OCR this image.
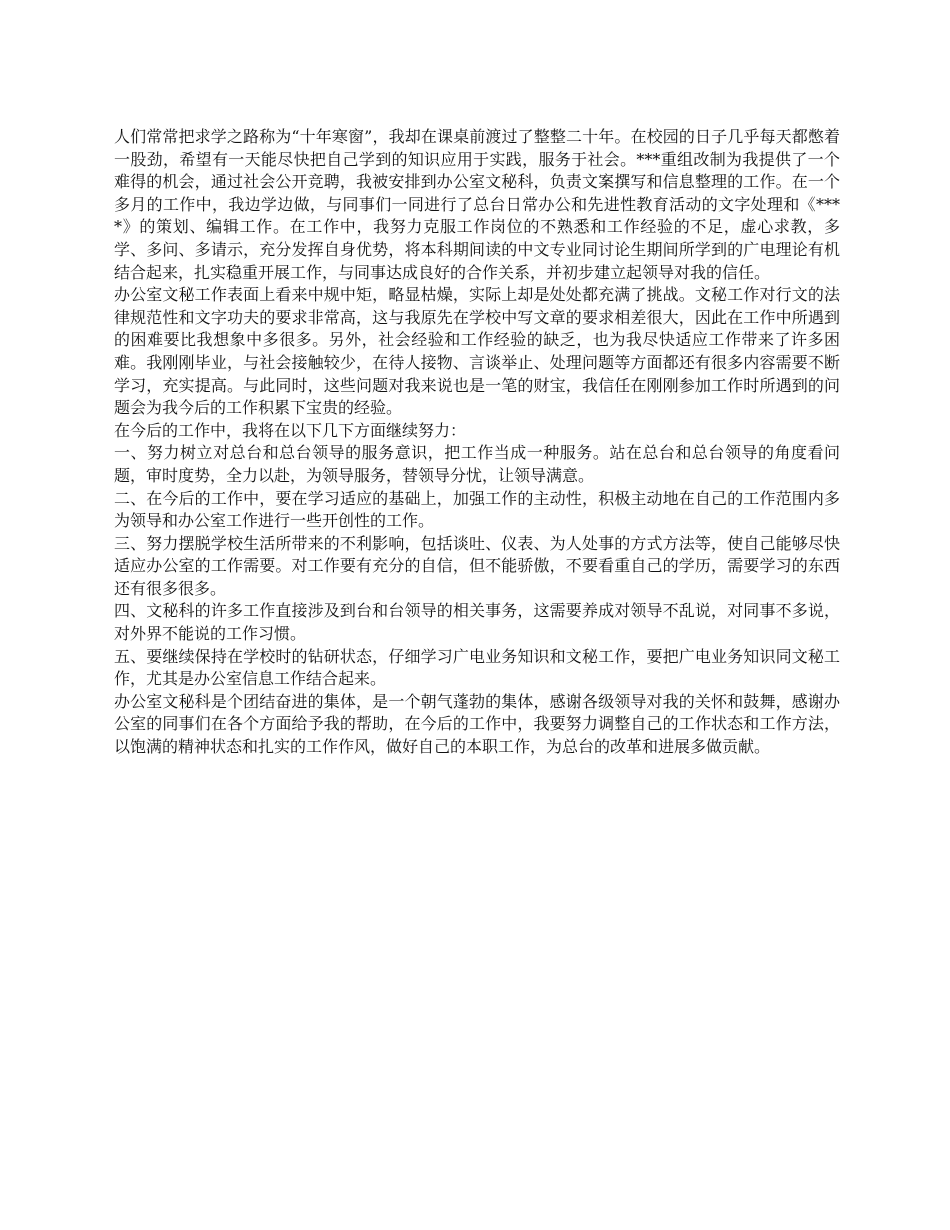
人们常常把求学之路称为“十年寒窗”，我却在课桌前渡过了整整二十年。在校园的日子几乎每天都憋着一股劲，希望有一天能尽快把自己学到的知识应用于实践，服务于社会。***重组改制为我提供了一个难得的机会，通过社会公开竞聘，我被安排到办公室文秘科，负责文案撰写和信息整理的工作。在一个多月的工作中，我边学边做，与同事们一同进行了总台日常办公和先进性教育活动的文字处理和《****》的策划、编辑工作。在工作中，我努力克服工作岗位的不熟悉和工作经验的不足，虚心求教，多学、多问、多请示，充分发挥自身优势，将本科期间读的中文专业同讨论生期间所学到的广电理论有机结合起来，扎实稳重开展工作，与同事达成良好的合作关系，并初步建立起领导对我的信任。

办公室文秘工作表面上看来中规中矩，略显枯燥，实际上却是处处都充满了挑战。文秘工作对行文的法律规范性和文字功夫的要求非常高，这与我原先在学校中写文章的要求相差很大，因此在工作中所遇到的困难要比我想象中多很多。另外，社会经验和工作经验的缺乏，也为我尽快适应工作带来了许多困难。我刚刚毕业，与社会接触较少，在待人接物、言谈举止、处理问题等方面都还有很多内容需要不断学习，充实提高。与此同时，这些问题对我来说也是一笔的财宝，我信任在刚刚参加工作时所遇到的问题会为我今后的工作积累下宝贵的经验。

在今后的工作中，我将在以下几下方面继续努力：

一、努力树立对总台和总台领导的服务意识，把工作当成一种服务。站在总台和总台领导的角度看问题，审时度势，全力以赴，为领导服务，替领导分忧，让领导满意。

二、在今后的工作中，要在学习适应的基础上，加强工作的主动性，积极主动地在自己的工作范围内多为领导和办公室工作进行一些开创性的工作。

三、努力摆脱学校生活所带来的不利影响，包括谈吐、仪表、为人处事的方式方法等，使自己能够尽快适应办公室的工作需要。对工作要有充分的自信，但不能骄傲，不要看重自己的学历，需要学习的东西还有很多很多。

四、文秘科的许多工作直接涉及到台和台领导的相关事务，这需要养成对领导不乱说，对同事不多说，对外界不能说的工作习惯。

五、要继续保持在学校时的钻研状态，仔细学习广电业务知识和文秘工作，要把广电业务知识同文秘工作，尤其是办公室信息工作结合起来。

办公室文秘科是个团结奋进的集体，是一个朝气蓬勃的集体，感谢各级领导对我的关怀和鼓舞，感谢办公室的同事们在各个方面给予我的帮助，在今后的工作中，我要努力调整自己的工作状态和工作方法，以饱满的精神状态和扎实的工作作风，做好自己的本职工作，为总台的改革和进展多做贡献。
